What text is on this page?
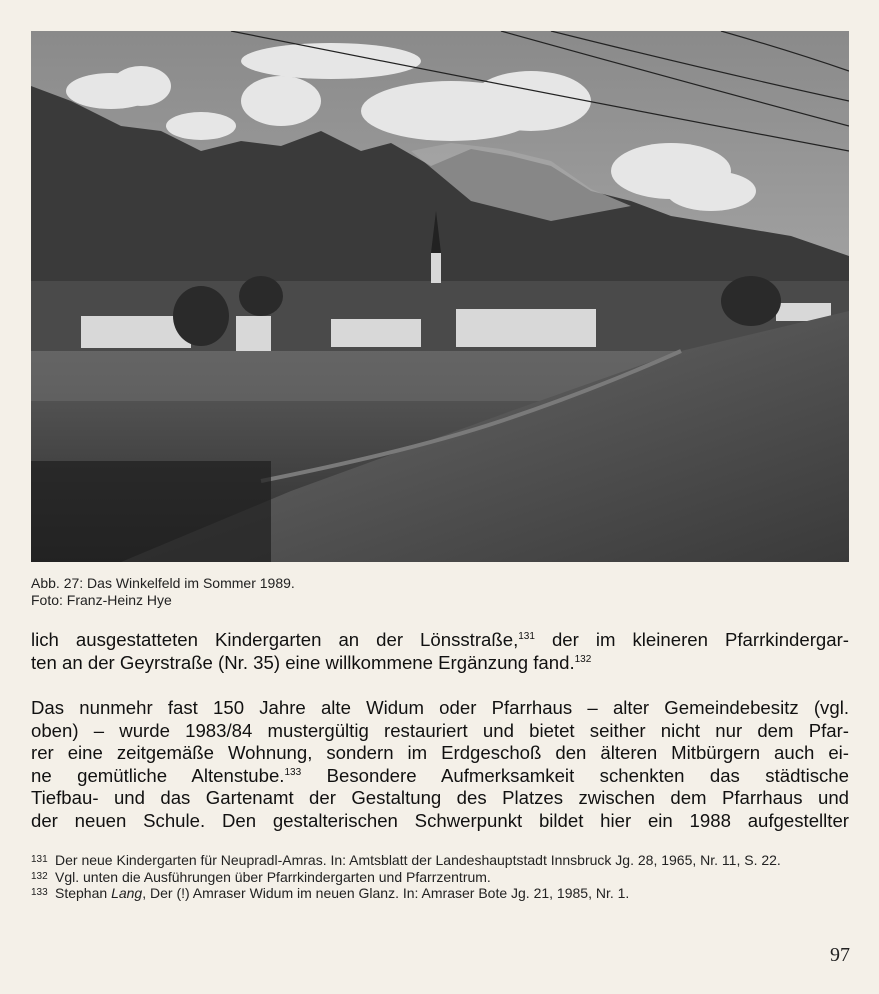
Abb. 27: Das Winkelfeld im Sommer 1989.
Foto: Franz-Heinz Hye
lich ausgestatteten Kindergarten an der Lönsstraße,$^{131}$ der im kleineren Pfarrkindergar-
ten an der Geyrstraße (Nr. 35) eine willkommene Ergänzung fand.$^{132}$
Das nunmehr fast 150 Jahre alte Widum oder Pfarrhaus – alter Gemeindebesitz (vgl.
oben) – wurde 1983/84 mustergültig restauriert und bietet seither nicht nur dem Pfar-
rer eine zeitgemäße Wohnung, sondern im Erdgeschoß den älteren Mitbürgern auch ei-
ne gemütliche Altenstube.$^{133}$ Besondere Aufmerksamkeit schenkten das städtische
Tiefbau- und das Gartenamt der Gestaltung des Platzes zwischen dem Pfarrhaus und
der neuen Schule. Den gestalterischen Schwerpunkt bildet hier ein 1988 aufgestellter
131 Der neue Kindergarten für Neupradl-Amras. In: Amtsblatt der Landeshauptstadt Innsbruck Jg. 28, 1965, Nr. 11, S. 22.
132 Vgl. unten die Ausführungen über Pfarrkindergarten und Pfarrzentrum.
133 Stephan Lang, Der (!) Amraser Widum im neuen Glanz. In: Amraser Bote Jg. 21, 1985, Nr. 1.
97
